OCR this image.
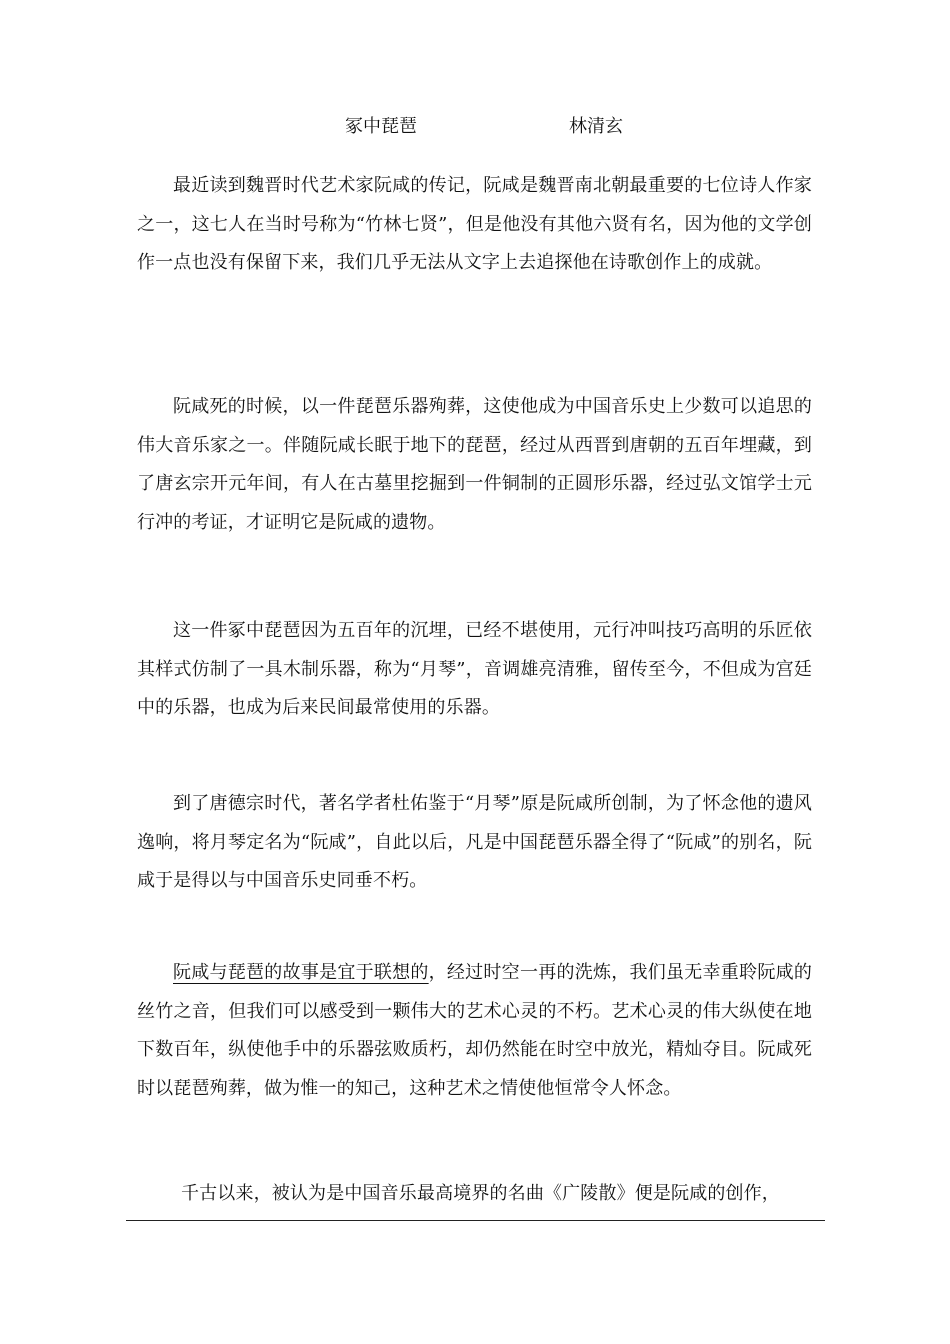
冢中琵琶	林清玄

最近读到魏晋时代艺术家阮咸的传记，阮咸是魏晋南北朝最重要的七位诗人作家之一，这七人在当时号称为“竹林七贤”，但是他没有其他六贤有名，因为他的文学创作一点也没有保留下来，我们几乎无法从文字上去追探他在诗歌创作上的成就。

阮咸死的时候，以一件琵琶乐器殉葬，这使他成为中国音乐史上少数可以追思的伟大音乐家之一。伴随阮咸长眠于地下的琵琶，经过从西晋到唐朝的五百年埋藏，到了唐玄宗开元年间，有人在古墓里挖掘到一件铜制的正圆形乐器，经过弘文馆学士元行冲的考证，才证明它是阮咸的遗物。

这一件冢中琵琶因为五百年的沉埋，已经不堪使用，元行冲叫技巧高明的乐匠依其样式仿制了一具木制乐器，称为“月琴”，音调雄亮清雅，留传至今，不但成为宫廷中的乐器，也成为后来民间最常使用的乐器。

到了唐德宗时代，著名学者杜佑鉴于“月琴”原是阮咸所创制，为了怀念他的遗风逸响，将月琴定名为“阮咸”，自此以后，凡是中国琵琶乐器全得了“阮咸”的别名，阮咸于是得以与中国音乐史同垂不朽。

阮咸与琵琶的故事是宜于联想的，经过时空一再的洗炼，我们虽无幸重聆阮咸的丝竹之音，但我们可以感受到一颗伟大的艺术心灵的不朽。艺术心灵的伟大纵使在地下数百年，纵使他手中的乐器弦败质朽，却仍然能在时空中放光，精灿夺目。阮咸死时以琵琶殉葬，做为惟一的知己，这种艺术之情使他恒常令人怀念。

千古以来，被认为是中国音乐最高境界的名曲《广陵散》便是阮咸的创作，
